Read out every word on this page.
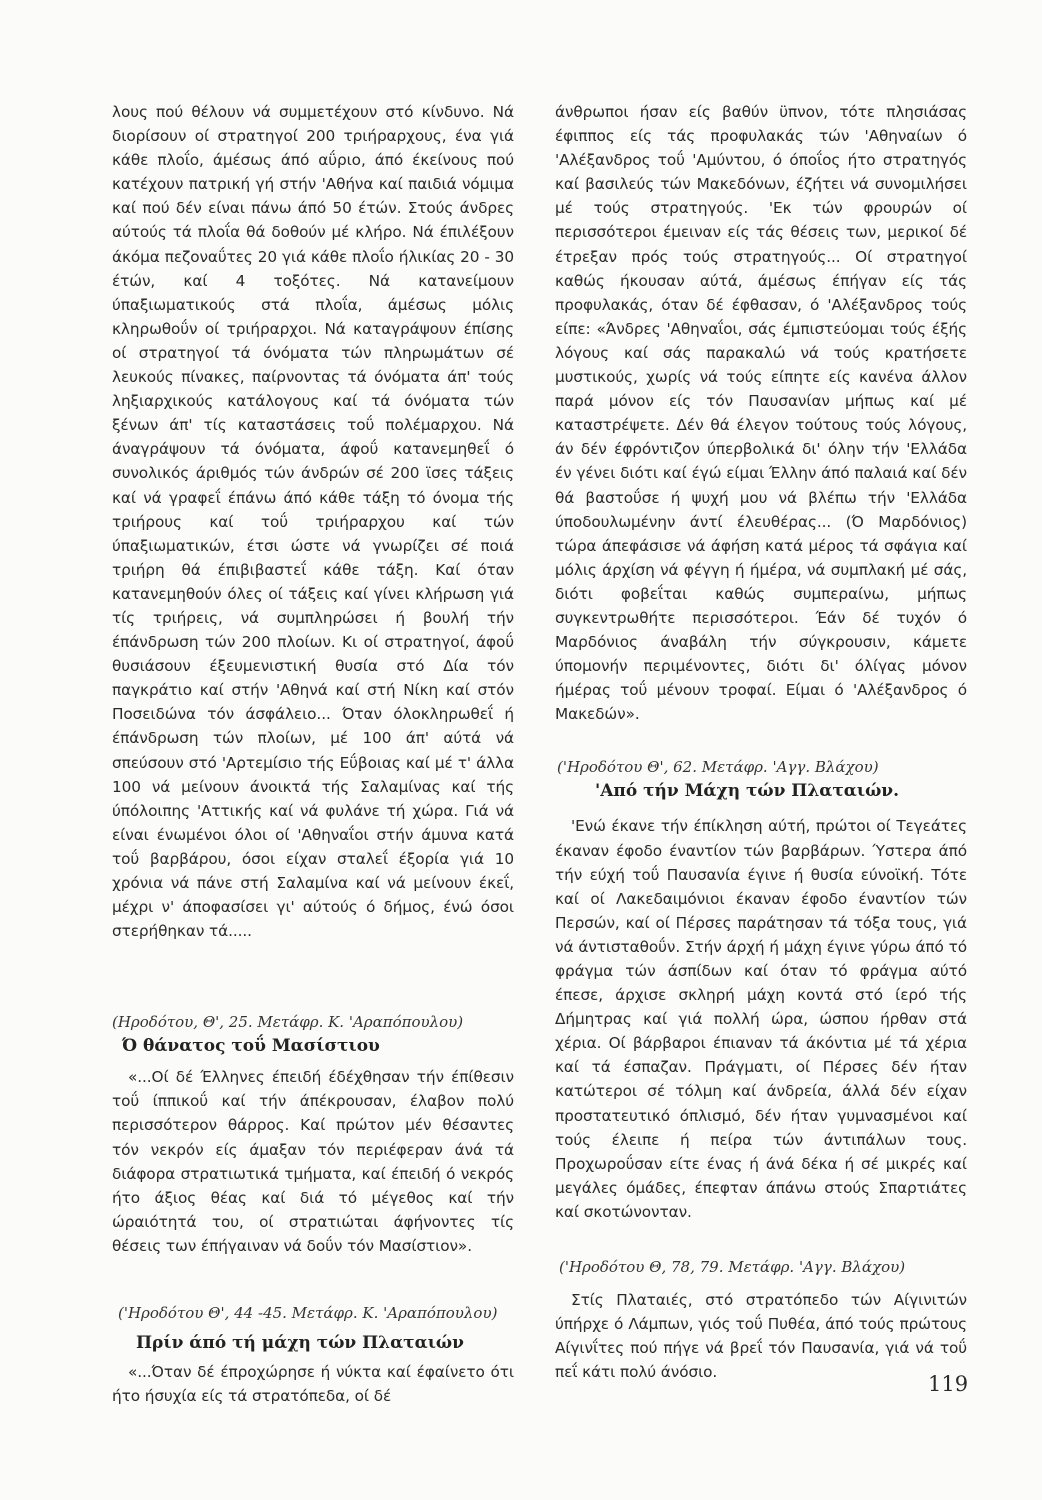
λους πού θέλουν νά συμμετέχουν στό κίνδυνο. Νά διορίσουν οί στρατηγοί 200 τριήραρχους, ένα γιά κάθε πλοΐο, άμέσως άπό αΰριο, άπό έκείνους πού κατέχουν πατρική γή στήν 'Αθήνα καί παιδιά νόμιμα καί πού δέν είναι πάνω άπό 50 έτών. Στούς άνδρες αύτούς τά πλοΐα θά δοθούν μέ κλήρο. Νά έπιλέξουν άκόμα πεζοναΰτες 20 γιά κάθε πλοΐο ήλικίας 20 - 30 έτών, καί 4 τοξότες. Νά κατανείμουν ύπαξιωματικούς στά πλοΐα, άμέσως μόλις κληρωθοΰν οί τριήραρχοι. Νά καταγράψουν έπίσης οί στρατηγοί τά όνόματα τών πληρωμάτων σέ λευκούς πίνακες, παίρνοντας τά όνόματα άπ' τούς ληξιαρχικούς κατάλογους καί τά όνόματα τών ξένων άπ' τίς καταστάσεις τοΰ πολέμαρχου. Νά άναγράψουν τά όνόματα, άφοΰ κατανεμηθεΐ ό συνολικός άριθμός τών άνδρών σέ 200 ϊσες τάξεις καί νά γραφεΐ έπάνω άπό κάθε τάξη τό όνομα τής τριήρους καί τοΰ τριήραρχου καί τών ύπαξιωματικών, έτσι ώστε νά γνωρίζει σέ ποιά τριήρη θά έπιβιβαστεΐ κάθε τάξη. Καί όταν κατανεμηθούν όλες οί τάξεις καί γίνει κλήρωση γιά τίς τριήρεις, νά συμπληρώσει ή βουλή τήν έπάνδρωση τών 200 πλοίων. Κι οί στρατηγοί, άφοΰ θυσιάσουν έξευμενιστική θυσία στό Δία τόν παγκράτιο καί στήν 'Αθηνά καί στή Νίκη καί στόν Ποσειδώνα τόν άσφάλειο... Όταν όλοκληρωθεΐ ή έπάνδρωση τών πλοίων, μέ 100 άπ' αύτά νά σπεύσουν στό 'Αρτεμίσιο τής Εΰβοιας καί μέ τ' άλλα 100 νά μείνουν άνοικτά τής Σαλαμίνας καί τής ύπόλοιπης 'Αττικής καί νά φυλάνε τή χώρα. Γιά νά είναι ένωμένοι όλοι οί 'Αθηναΐοι στήν άμυνα κατά τοΰ βαρβάρου, όσοι είχαν σταλεΐ έξορία γιά 10 χρόνια νά πάνε στή Σαλαμίνα καί νά μείνουν έκεΐ, μέχρι ν' άποφασίσει γι' αύτούς ό δήμος, ένώ όσοι στερήθηκαν τά.....

(Ηροδότου, Θ', 25. Μετάφρ. Κ. 'Αραπόπουλου)

Ό θάνατος τοΰ Μασίστιου

«...Οί δέ Έλληνες έπειδή έδέχθησαν τήν έπίθεσιν τοΰ ίππικοΰ καί τήν άπέκρουσαν, έλαβον πολύ περισσότερον θάρρος. Καί πρώτον μέν θέσαντες τόν νεκρόν είς άμαξαν τόν περιέφεραν άνά τά διάφορα στρατιωτικά τμήματα, καί έπειδή ό νεκρός ήτο άξιος θέας καί διά τό μέγεθος καί τήν ώραιότητά του, οί στρατιώται άφήνοντες τίς θέσεις των έπήγαιναν νά δοΰν τόν Μασίστιον».

('Ηροδότου Θ', 44 -45. Μετάφρ. Κ. 'Αραπόπουλου)

Πρίν άπό τή μάχη τών Πλαταιών

«...Όταν δέ έπροχώρησε ή νύκτα καί έφαίνετο ότι ήτο ήσυχία είς τά στρατόπεδα, οί δέ

άνθρωποι ήσαν είς βαθύν ϋπνον, τότε πλησιάσας έφιππος είς τάς προφυλακάς τών 'Αθηναίων ό 'Αλέξανδρος τοΰ 'Αμύντου, ό όποΐος ήτο στρατηγός καί βασιλεύς τών Μακεδόνων, έζήτει νά συνομιλήσει μέ τούς στρατηγούς. 'Εκ τών φρουρών οί περισσότεροι έμειναν είς τάς θέσεις των, μερικοί δέ έτρεξαν πρός τούς στρατηγούς... Οί στρατηγοί καθώς ήκουσαν αύτά, άμέσως έπήγαν είς τάς προφυλακάς, όταν δέ έφθασαν, ό 'Αλέξανδρος τούς είπε: «Άνδρες 'Αθηναΐοι, σάς έμπιστεύομαι τούς έξής λόγους καί σάς παρακαλώ νά τούς κρατήσετε μυστικούς, χωρίς νά τούς είπητε είς κανένα άλλον παρά μόνον είς τόν Παυσανίαν μήπως καί μέ καταστρέψετε. Δέν θά έλεγον τούτους τούς λόγους, άν δέν έφρόντιζον ύπερβολικά δι' όλην τήν 'Ελλάδα έν γένει διότι καί έγώ είμαι Έλλην άπό παλαιά καί δέν θά βαστοΰσε ή ψυχή μου νά βλέπω τήν 'Ελλάδα ύποδουλωμένην άντί έλευθέρας... (Ό Μαρδόνιος) τώρα άπεφάσισε νά άφήση κατά μέρος τά σφάγια καί μόλις άρχίση νά φέγγη ή ήμέρα, νά συμπλακή μέ σάς, διότι φοβεΐται καθώς συμπεραίνω, μήπως συγκεντρωθήτε περισσότεροι. Έάν δέ τυχόν ό Μαρδόνιος άναβάλη τήν σύγκρουσιν, κάμετε ύπομονήν περιμένοντες, διότι δι' όλίγας μόνον ήμέρας τοΰ μένουν τροφαί. Είμαι ό 'Αλέξανδρος ό Μακεδών».

('Ηροδότου Θ', 62. Μετάφρ. 'Αγγ. Βλάχου)

'Από τήν Μάχη τών Πλαταιών.

'Ενώ έκανε τήν έπίκληση αύτή, πρώτοι οί Τεγεάτες έκαναν έφοδο έναντίον τών βαρβάρων. Ύστερα άπό τήν εύχή τοΰ Παυσανία έγινε ή θυσία εύνοϊκή. Τότε καί οί Λακεδαιμόνιοι έκαναν έφοδο έναντίον τών Περσών, καί οί Πέρσες παράτησαν τά τόξα τους, γιά νά άντισταθοΰν. Στήν άρχή ή μάχη έγινε γύρω άπό τό φράγμα τών άσπίδων καί όταν τό φράγμα αύτό έπεσε, άρχισε σκληρή μάχη κοντά στό ίερό τής Δήμητρας καί γιά πολλή ώρα, ώσπου ήρθαν στά χέρια. Οί βάρβαροι έπιαναν τά άκόντια μέ τά χέρια καί τά έσπαζαν. Πράγματι, οί Πέρσες δέν ήταν κατώτεροι σέ τόλμη καί άνδρεία, άλλά δέν είχαν προστατευτικό όπλισμό, δέν ήταν γυμνασμένοι καί τούς έλειπε ή πείρα τών άντιπάλων τους. Προχωροΰσαν είτε ένας ή άνά δέκα ή σέ μικρές καί μεγάλες όμάδες, έπεφταν άπάνω στούς Σπαρτιάτες καί σκοτώνονταν.

('Ηροδότου Θ, 78, 79. Μετάφρ. 'Αγγ. Βλάχου)

Στίς Πλαταιές, στό στρατόπεδο τών Αίγινιτών ύπήρχε ό Λάμπων, γιός τοΰ Πυθέα, άπό τούς πρώτους Αίγινΐτες πού πήγε νά βρεΐ τόν Παυσανία, γιά νά τοΰ πεΐ κάτι πολύ άνόσιο.	119
